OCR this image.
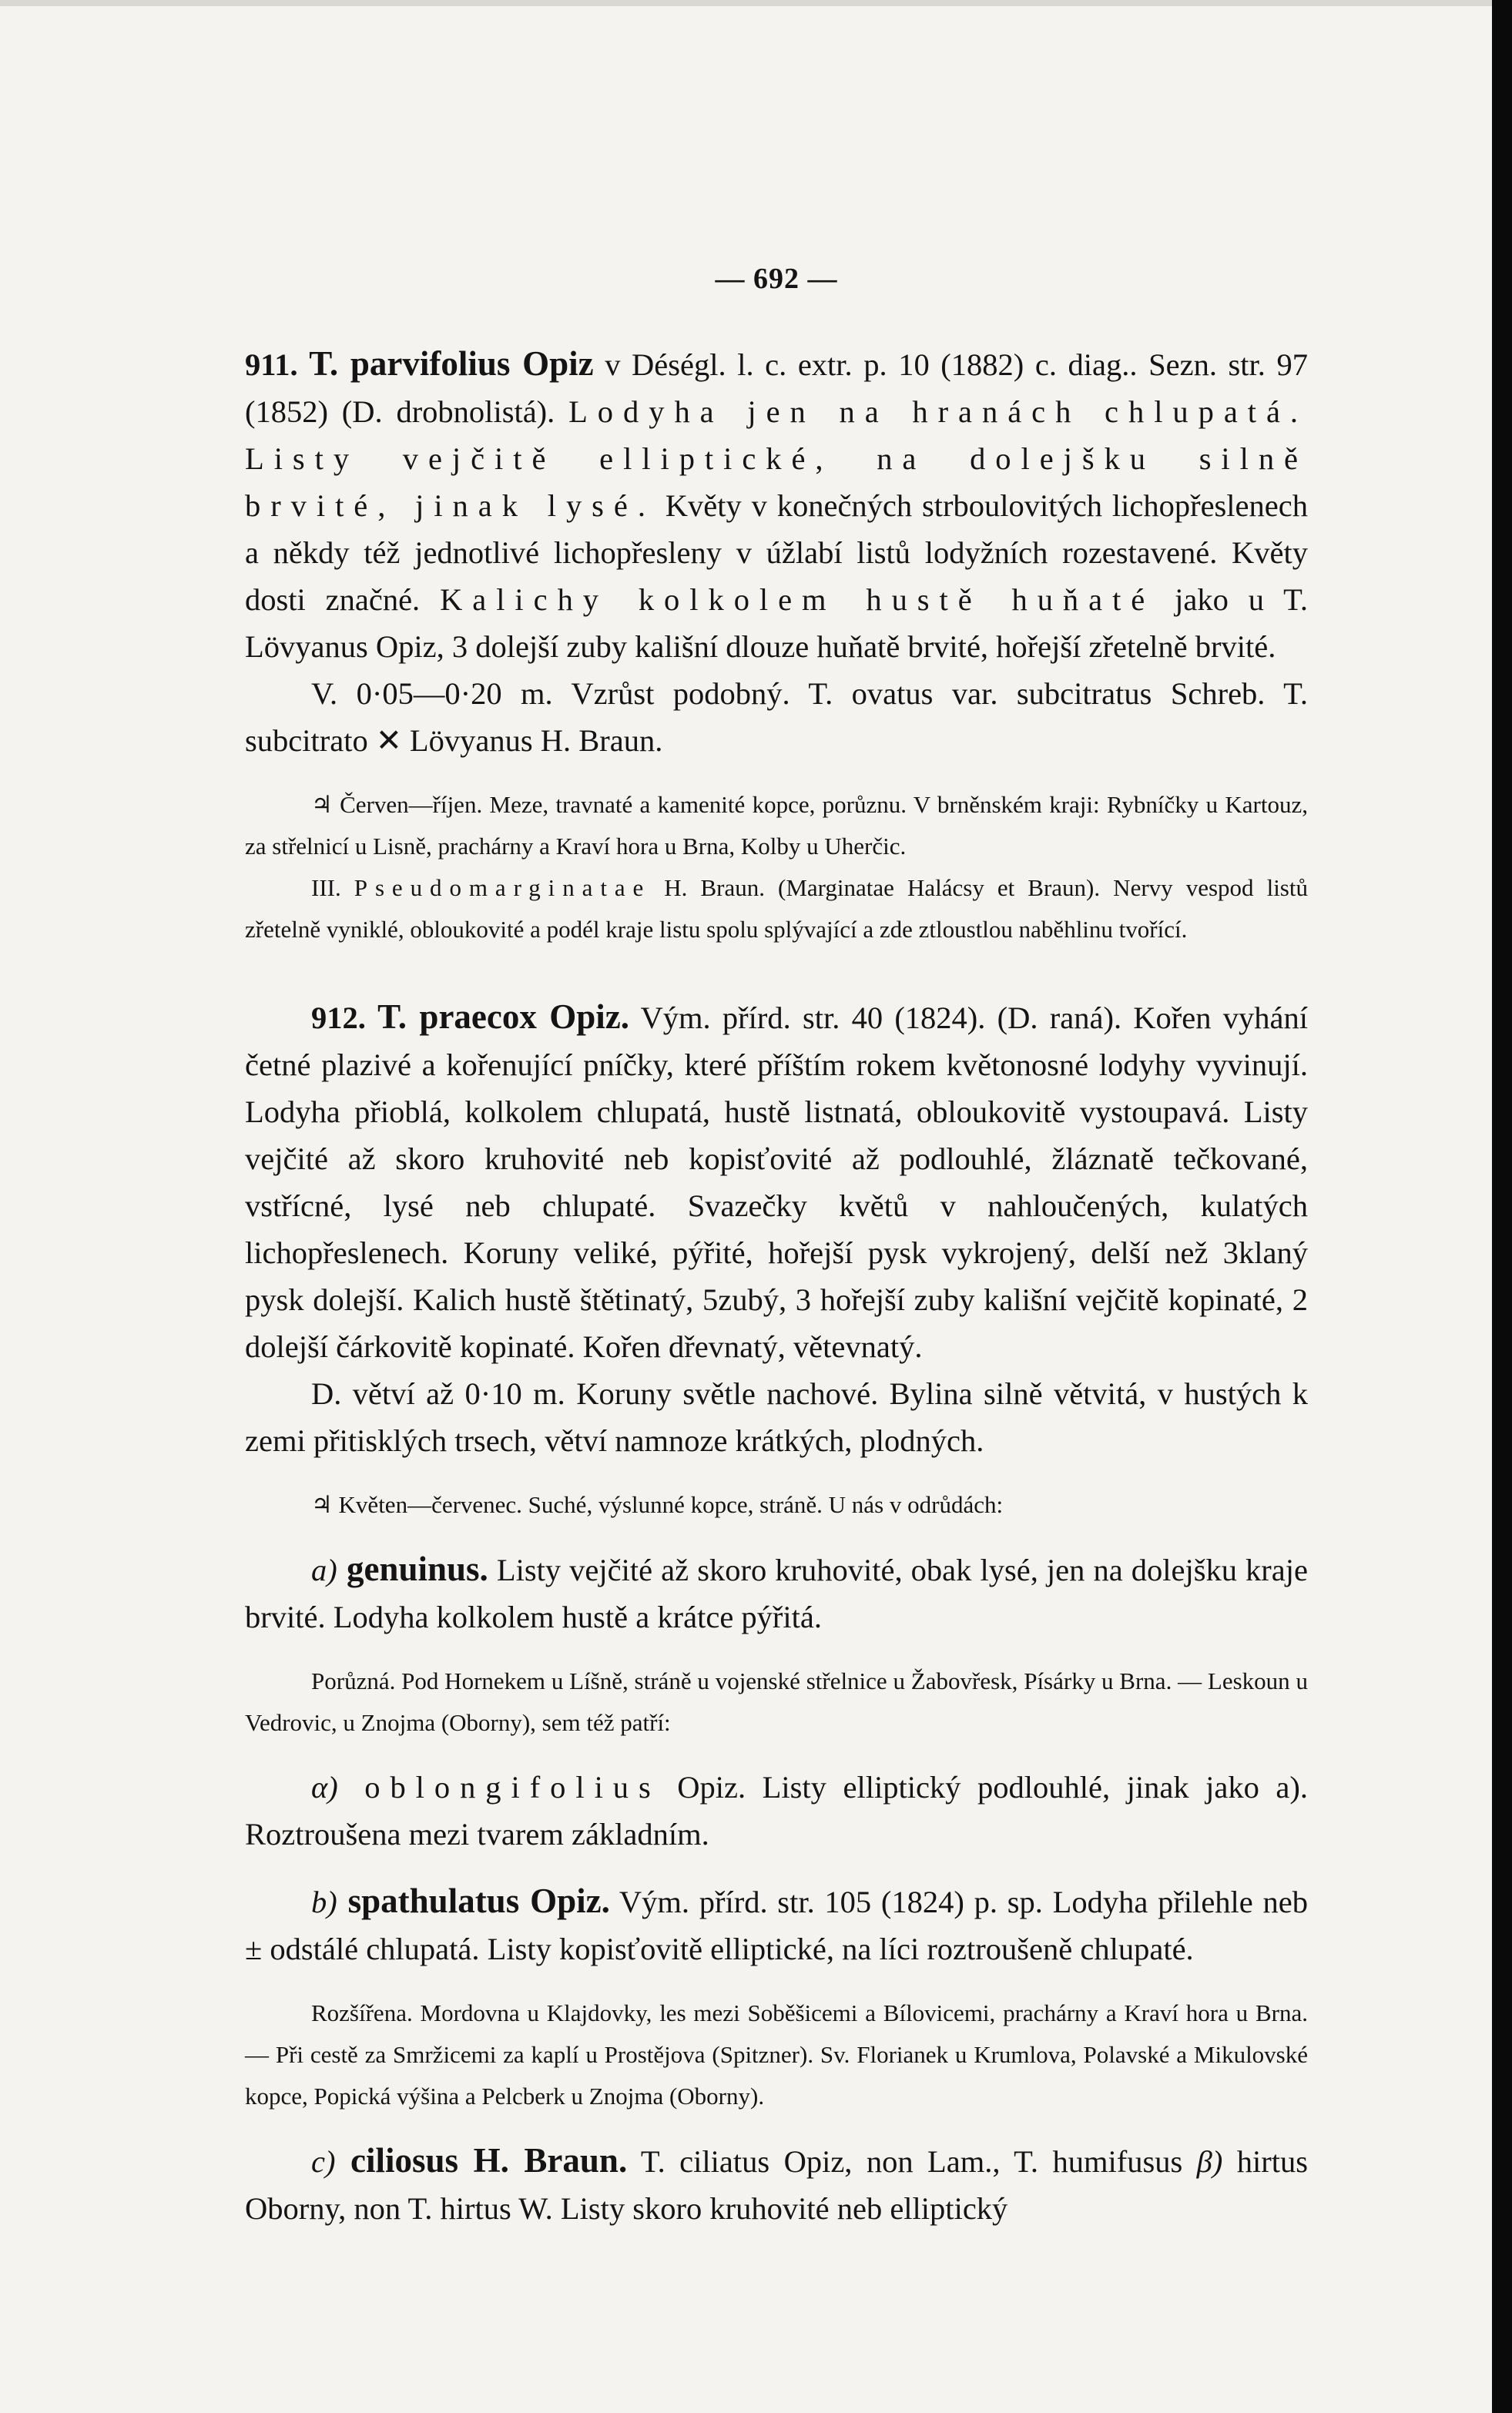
— 692 —

911. T. parvifolius Opiz v Déségl. l. c. extr. p. 10 (1882) c. diag.. Sezn. str. 97 (1852) (D. drobnolistá). Lodyha jen na hranách chlupatá. Listy vejčitě elliptické, na dolejšku silně brvité, jinak lysé. Květy v konečných strboulovitých lichopřeslenech a někdy též jednotlivé lichopřesleny v úžlabí listů lodyžních rozestavené. Květy dosti značné. Kalichy kolkolem hustě huňaté jako u T. Lövyanus Opiz, 3 dolejší zuby kališní dlouze huňatě brvité, hořejší zřetelně brvité.

V. 0·05—0·20 m. Vzrůst podobný. T. ovatus var. subcitratus Schreb. T. subcitrato ✕ Lövyanus H. Braun.

♃ Červen—říjen. Meze, travnaté a kamenité kopce, porůznu. V brněnském kraji: Rybníčky u Kartouz, za střelnicí u Lisně, prachárny a Kraví hora u Brna, Kolby u Uherčic.

III. Pseudomarginatae H. Braun. (Marginatae Halácsy et Braun). Nervy vespod listů zřetelně vyniklé, obloukovité a podél kraje listu spolu splývající a zde ztloustlou naběhlinu tvořící.

912. T. praecox Opiz. Vým. přírd. str. 40 (1824). (D. raná). Kořen vyhání četné plazivé a kořenující pníčky, které příštím rokem květonosné lodyhy vyvinují. Lodyha přioblá, kolkolem chlupatá, hustě listnatá, obloukovitě vystoupavá. Listy vejčité až skoro kruhovité neb kopisťovité až podlouhlé, žláznatě tečkované, vstřícné, lysé neb chlupaté. Svazečky květů v nahloučených, kulatých lichopřeslenech. Koruny veliké, pýřité, hořejší pysk vykrojený, delší než 3klaný pysk dolejší. Kalich hustě štětinatý, 5zubý, 3 hořejší zuby kališní vejčitě kopinaté, 2 dolejší čárkovitě kopinaté. Kořen dřevnatý, větevnatý.

D. větví až 0·10 m. Koruny světle nachové. Bylina silně větvitá, v hustých k zemi přitisklých trsech, větví namnoze krátkých, plodných.

♃ Květen—červenec. Suché, výslunné kopce, stráně. U nás v odrůdách:

a) genuinus. Listy vejčité až skoro kruhovité, obak lysé, jen na dolejšku kraje brvité. Lodyha kolkolem hustě a krátce pýřitá.

Porůzná. Pod Hornekem u Líšně, stráně u vojenské střelnice u Žabovřesk, Písárky u Brna. — Leskoun u Vedrovic, u Znojma (Oborny), sem též patří:

α) oblongifolius Opiz. Listy elliptický podlouhlé, jinak jako a). Roztroušena mezi tvarem základním.

b) spathulatus Opiz. Vým. přírd. str. 105 (1824) p. sp. Lodyha přilehle neb ± odstálé chlupatá. Listy kopisťovitě elliptické, na líci roztroušeně chlupaté.

Rozšířena. Mordovna u Klajdovky, les mezi Soběšicemi a Bílovicemi, prachárny a Kraví hora u Brna. — Při cestě za Smržicemi za kaplí u Prostějova (Spitzner). Sv. Florianek u Krumlova, Polavské a Mikulovské kopce, Popická výšina a Pelcberk u Znojma (Oborny).

c) ciliosus H. Braun. T. ciliatus Opiz, non Lam., T. humifusus β) hirtus Oborny, non T. hirtus W. Listy skoro kruhovité neb elliptický
